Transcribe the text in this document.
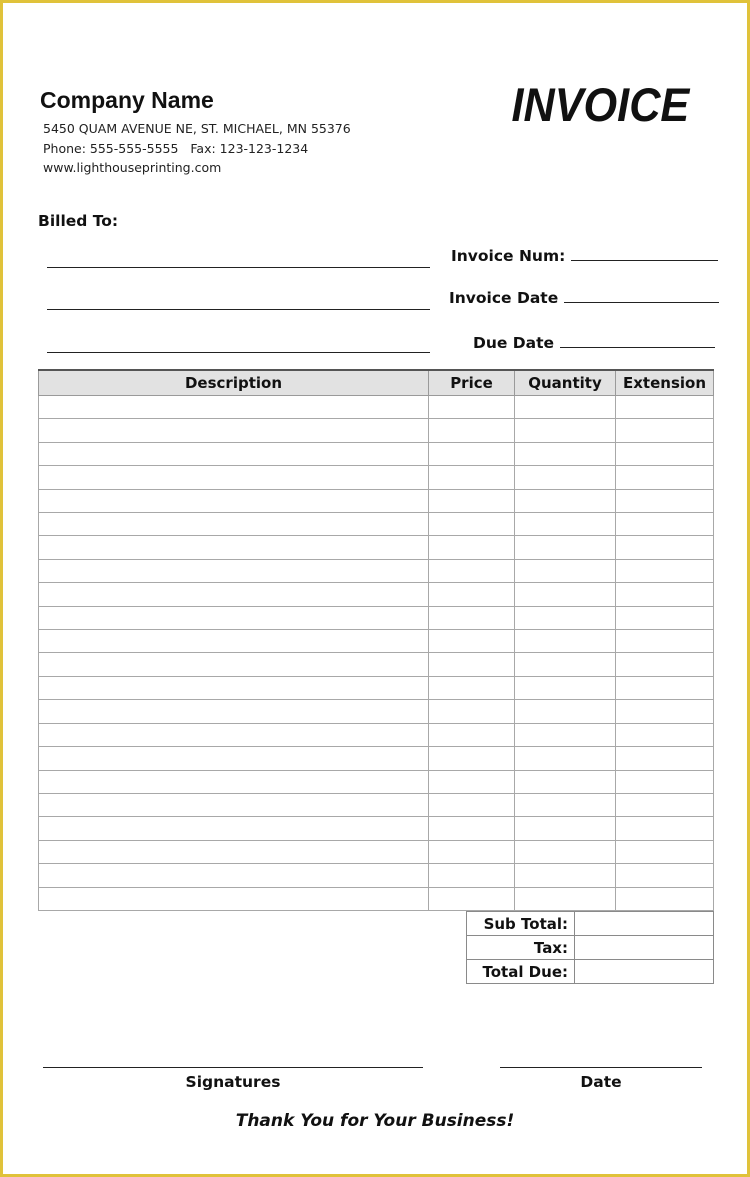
Company Name
5450 QUAM AVENUE NE, ST. MICHAEL, MN 55376
Phone: 555-555-5555   Fax: 123-123-1234
www.lighthouseprinting.com
INVOICE
Billed To:
Invoice Num:
Invoice Date
Due Date
Description	Price	Quantity	Extension

Sub Total:	
Tax:	
Total Due:	
Signatures	Date
Thank You for Your Business!
